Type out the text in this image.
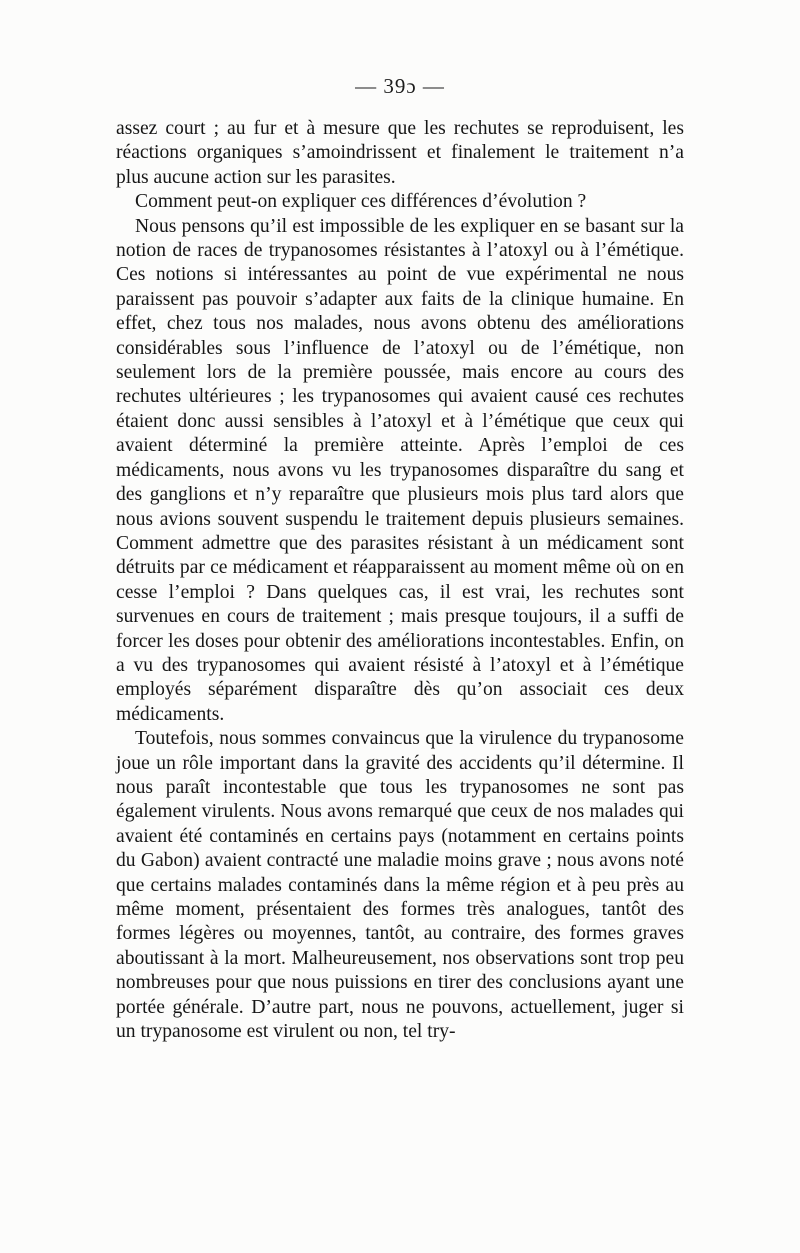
— 39ɔ —

assez court ; au fur et à mesure que les rechutes se reproduisent, les réactions organiques s’amoindrissent et finalement le traitement n’a plus aucune action sur les parasites.

Comment peut-on expliquer ces différences d’évolution ?

Nous pensons qu’il est impossible de les expliquer en se basant sur la notion de races de trypanosomes résistantes à l’atoxyl ou à l’émétique. Ces notions si intéressantes au point de vue expérimental ne nous paraissent pas pouvoir s’adapter aux faits de la clinique humaine. En effet, chez tous nos malades, nous avons obtenu des améliorations considérables sous l’influence de l’atoxyl ou de l’émétique, non seulement lors de la première poussée, mais encore au cours des rechutes ultérieures ; les trypanosomes qui avaient causé ces rechutes étaient donc aussi sensibles à l’atoxyl et à l’émétique que ceux qui avaient déterminé la première atteinte. Après l’emploi de ces médicaments, nous avons vu les trypanosomes disparaître du sang et des ganglions et n’y reparaître que plusieurs mois plus tard alors que nous avions souvent suspendu le traitement depuis plusieurs semaines. Comment admettre que des parasites résistant à un médicament sont détruits par ce médicament et réapparaissent au moment même où on en cesse l’emploi ? Dans quelques cas, il est vrai, les rechutes sont survenues en cours de traitement ; mais presque toujours, il a suffi de forcer les doses pour obtenir des améliorations incontestables. Enfin, on a vu des trypanosomes qui avaient résisté à l’atoxyl et à l’émétique employés séparément disparaître dès qu’on associait ces deux médicaments.

Toutefois, nous sommes convaincus que la virulence du trypanosome joue un rôle important dans la gravité des accidents qu’il détermine. Il nous paraît incontestable que tous les trypanosomes ne sont pas également virulents. Nous avons remarqué que ceux de nos malades qui avaient été contaminés en certains pays (notamment en certains points du Gabon) avaient contracté une maladie moins grave ; nous avons noté que certains malades contaminés dans la même région et à peu près au même moment, présentaient des formes très analogues, tantôt des formes légères ou moyennes, tantôt, au contraire, des formes graves aboutissant à la mort. Malheureusement, nos observations sont trop peu nombreuses pour que nous puissions en tirer des conclusions ayant une portée générale. D’autre part, nous ne pouvons, actuellement, juger si un trypanosome est virulent ou non, tel try-
